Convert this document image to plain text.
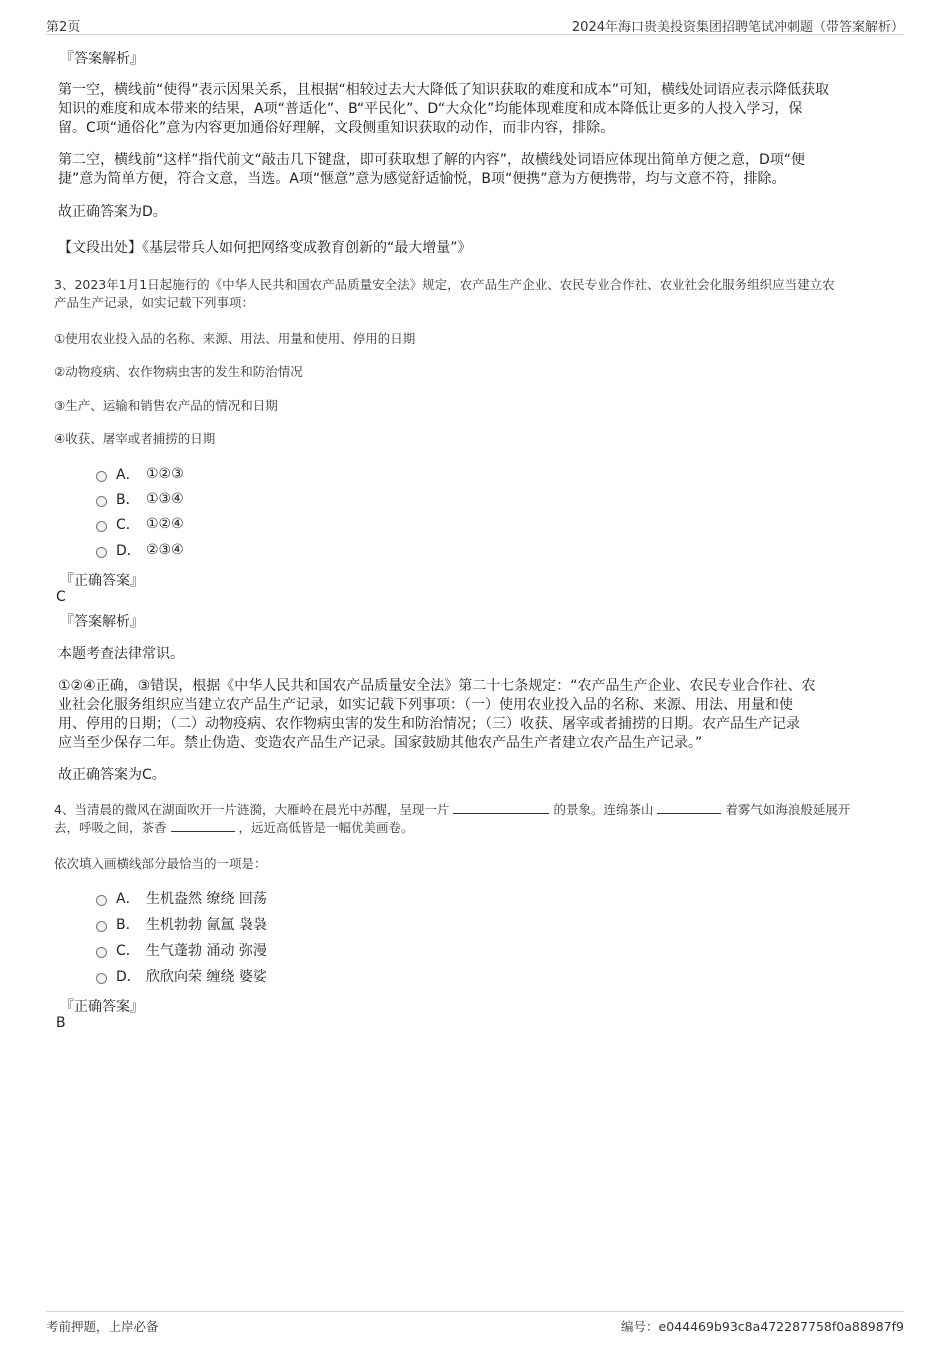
第2页	2024年海口贵美投资集团招聘笔试冲刺题（带答案解析）
『答案解析』
第一空，横线前“使得”表示因果关系，且根据“相较过去大大降低了知识获取的难度和成本”可知，横线处词语应表示降低获取
知识的难度和成本带来的结果，A项“普适化”、B“平民化”、D“大众化”均能体现难度和成本降低让更多的人投入学习，保
留。C项“通俗化”意为内容更加通俗好理解，文段侧重知识获取的动作，而非内容，排除。
第二空，横线前“这样”指代前文“敲击几下键盘，即可获取想了解的内容”，故横线处词语应体现出简单方便之意，D项“便
捷”意为简单方便，符合文意，当选。A项“惬意”意为感觉舒适愉悦，B项“便携”意为方便携带，均与文意不符，排除。
故正确答案为D。
【文段出处】《基层带兵人如何把网络变成教育创新的“最大增量”》
3、2023年1月1日起施行的《中华人民共和国农产品质量安全法》规定，农产品生产企业、农民专业合作社、农业社会化服务组织应当建立农
产品生产记录，如实记载下列事项：
①使用农业投入品的名称、来源、用法、用量和使用、停用的日期
②动物疫病、农作物病虫害的发生和防治情况
③生产、运输和销售农产品的情况和日期
④收获、屠宰或者捕捞的日期
A． ①②③
B． ①③④
C． ①②④
D． ②③④
『正确答案』
C
『答案解析』
本题考查法律常识。
①②④正确，③错误，根据《中华人民共和国农产品质量安全法》第二十七条规定：“农产品生产企业、农民专业合作社、农
业社会化服务组织应当建立农产品生产记录，如实记载下列事项：（一）使用农业投入品的名称、来源、用法、用量和使
用、停用的日期；（二）动物疫病、农作物病虫害的发生和防治情况；（三）收获、屠宰或者捕捞的日期。农产品生产记录
应当至少保存二年。禁止伪造、变造农产品生产记录。国家鼓励其他农产品生产者建立农产品生产记录。”
故正确答案为C。
4、当清晨的微风在湖面吹开一片涟漪，大雁岭在晨光中苏醒，呈现一片	的景象。连绵茶山	着雾气如海浪般延展开
去，呼吸之间，茶香	，远近高低皆是一幅优美画卷。
依次填入画横线部分最恰当的一项是：
A． 生机盎然 缭绕 回荡
B． 生机勃勃 氤氲 袅袅
C． 生气蓬勃 涌动 弥漫
D． 欣欣向荣 缠绕 婆娑
『正确答案』
B
考前押题，上岸必备	编号：e044469b93c8a472287758f0a88987f9
